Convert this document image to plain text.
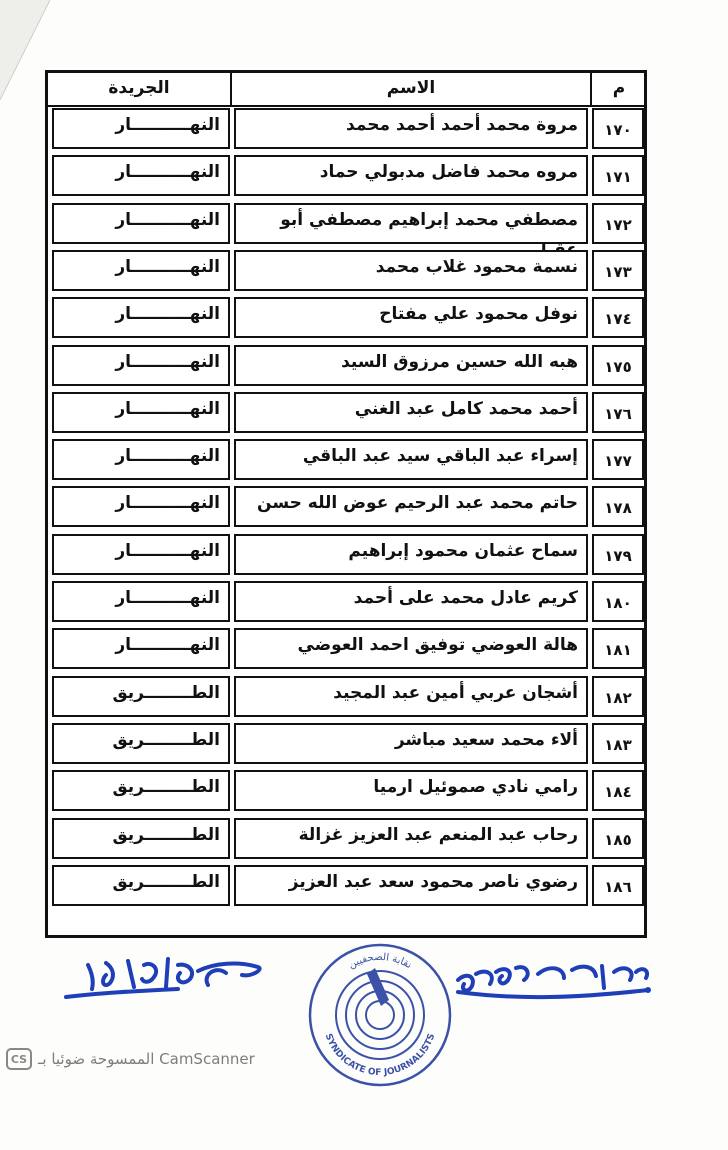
م
الاسم
الجريدة
١٧٠
مروة محمد أحمد أحمد محمد
النهــــــــــار
١٧١
مروه محمد فاضل مدبولي حماد
النهــــــــــار
١٧٢
مصطفي محمد إبراهيم مصطفي أبو
النهــــــــــار
١٧٣
نسمة محمود غلاب محمد
النهــــــــــار
١٧٤
نوفل محمود علي مفتاح
النهــــــــــار
١٧٥
هبه الله حسين مرزوق السيد
النهــــــــــار
١٧٦
أحمد محمد كامل عبد الغني
النهــــــــــار
١٧٧
إسراء عبد الباقي سيد عبد الباقي
النهــــــــــار
١٧٨
حاتم محمد عبد الرحيم عوض الله حسن
النهــــــــــار
١٧٩
سماح عثمان محمود إبراهيم
النهــــــــــار
١٨٠
كريم عادل محمد على أحمد
النهــــــــــار
١٨١
هالة العوضي توفيق احمد العوضي
النهــــــــــار
١٨٢
أشجان عربي أمين عبد المجيد
الطــــــــريق
١٨٣
ألاء محمد سعيد مباشر
الطــــــــريق
١٨٤
رامي نادي صموئيل ارميا
الطــــــــريق
١٨٥
رحاب عبد المنعم عبد العزيز غزالة
الطــــــــريق
١٨٦
رضوي ناصر محمود سعد عبد العزيز
الطــــــــريق
نقابة الصحفيين
SYNDICATE OF JOURNALISTS
CS الممسوحة ضوئيا بـ CamScanner
